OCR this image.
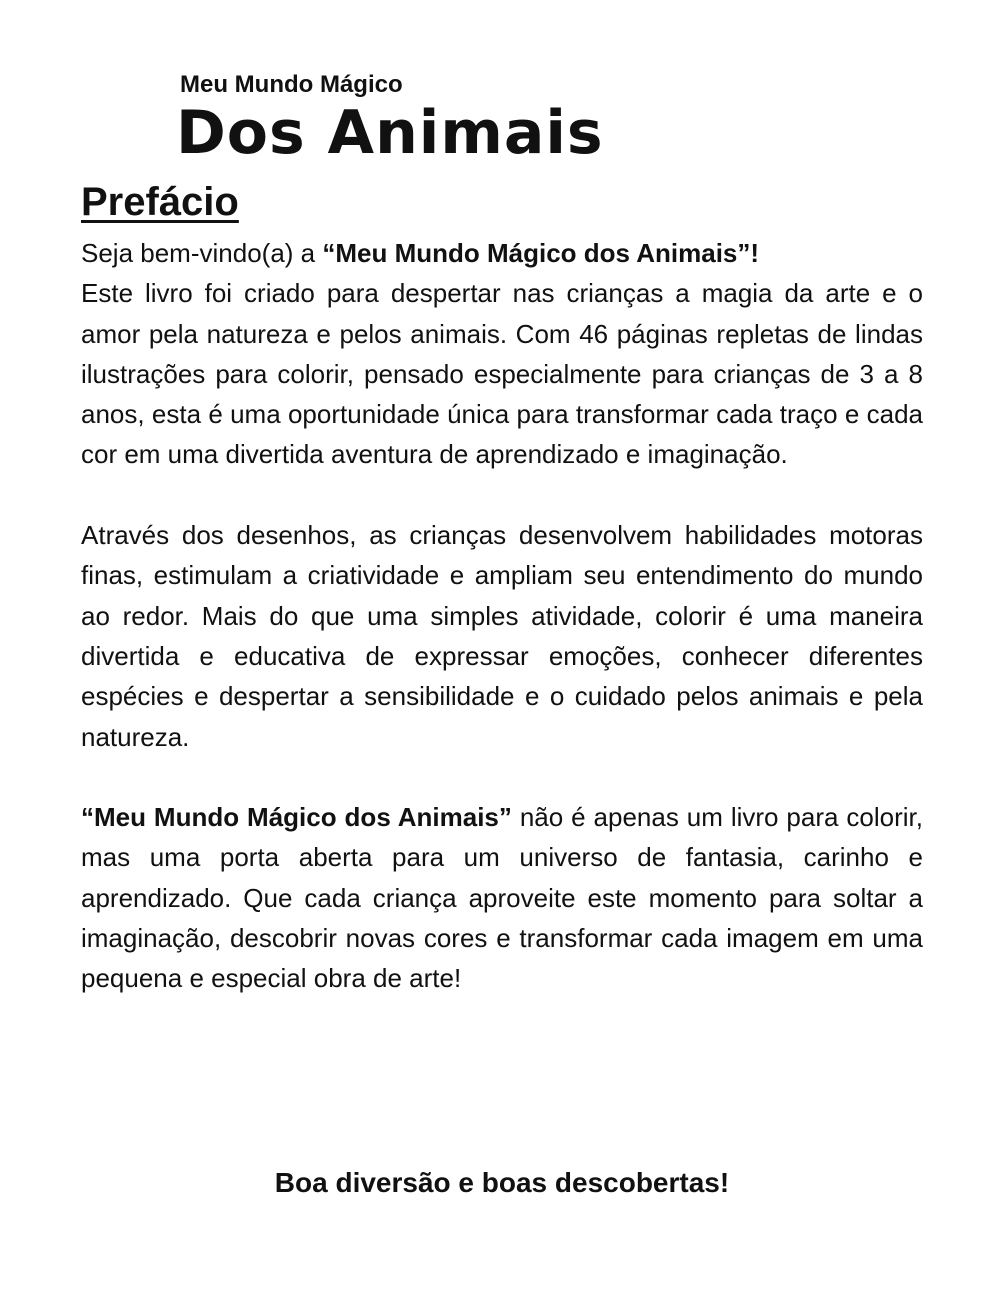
Meu Mundo Mágico
Dos Animais
Prefácio

Seja bem-vindo(a) a “Meu Mundo Mágico dos Animais”!

Este livro foi criado para despertar nas crianças a magia da arte e o amor pela natureza e pelos animais. Com 46 páginas repletas de lindas ilustrações para colorir, pensado especialmente para crianças de 3 a 8 anos, esta é uma oportunidade única para transformar cada traço e cada cor em uma divertida aventura de aprendizado e imaginação.

Através dos desenhos, as crianças desenvolvem habilidades motoras finas, estimulam a criatividade e ampliam seu entendimento do mundo ao redor. Mais do que uma simples atividade, colorir é uma maneira divertida e educativa de expressar emoções, conhecer diferentes espécies e despertar a sensibilidade e o cuidado pelos animais e pela natureza.

“Meu Mundo Mágico dos Animais” não é apenas um livro para colorir, mas uma porta aberta para um universo de fantasia, carinho e aprendizado. Que cada criança aproveite este momento para soltar a imaginação, descobrir novas cores e transformar cada imagem em uma pequena e especial obra de arte!

Boa diversão e boas descobertas!
